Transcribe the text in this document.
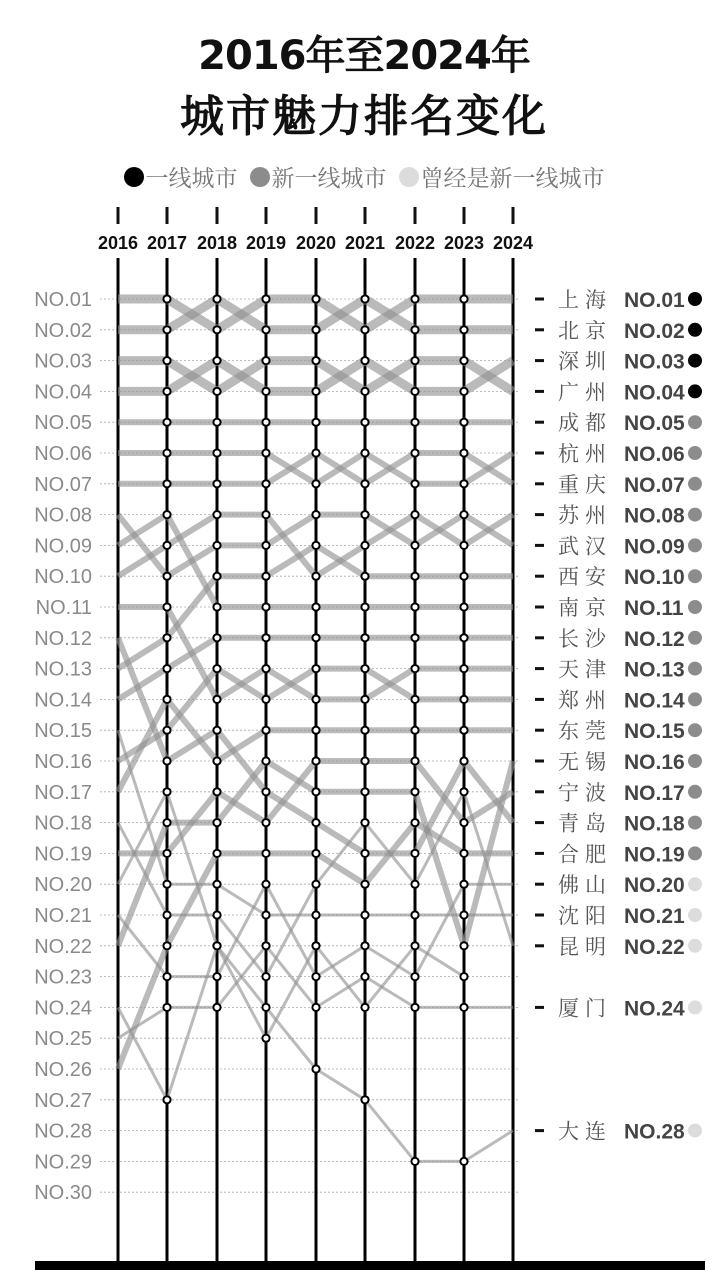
2016年至2024年
城市魅力排名变化
一线城市 新一线城市 曾经是新一线城市
NO.01
NO.02
NO.03
NO.04
NO.05
NO.06
NO.07
NO.08
NO.09
NO.10
NO.11
NO.12
NO.13
NO.14
NO.15
NO.16
NO.17
NO.18
NO.19
NO.20
NO.21
NO.22
NO.23
NO.24
NO.25
NO.26
NO.27
NO.28
NO.29
NO.30
2016 2017 2018 2019 2020 2021 2022 2023 2024
上海 NO.01
北京 NO.02
深圳 NO.03
广州 NO.04
成都 NO.05
杭州 NO.06
重庆 NO.07
苏州 NO.08
武汉 NO.09
西安 NO.10
南京 NO.11
长沙 NO.12
天津 NO.13
郑州 NO.14
东莞 NO.15
无锡 NO.16
宁波 NO.17
青岛 NO.18
合肥 NO.19
佛山 NO.20
沈阳 NO.21
昆明 NO.22
厦门 NO.24
大连 NO.28
